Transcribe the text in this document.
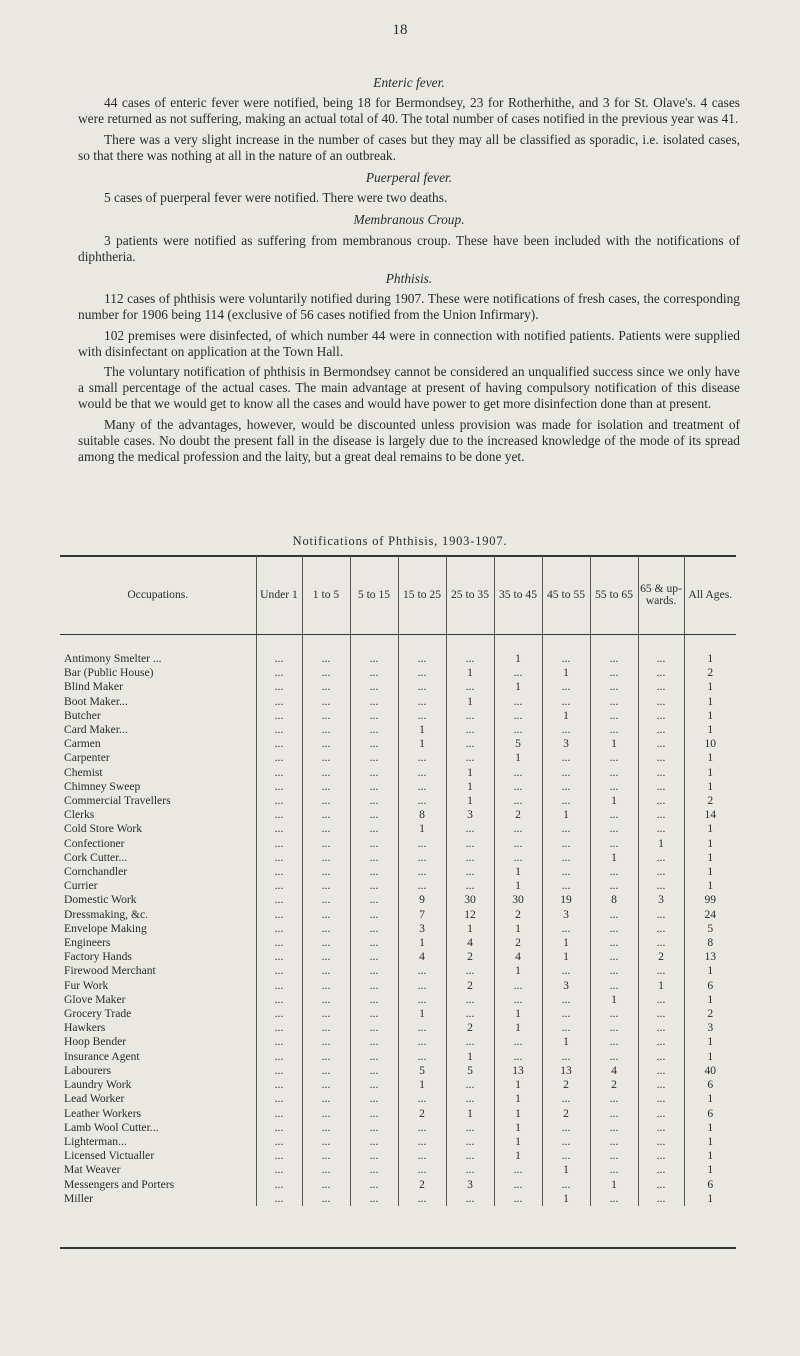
18
Enteric fever.
44 cases of enteric fever were notified, being 18 for Bermondsey, 23 for Rotherhithe, and 3 for St. Olave's. 4 cases were returned as not suffering, making an actual total of 40. The total number of cases notified in the previous year was 41.
There was a very slight increase in the number of cases but they may all be classified as sporadic, i.e. isolated cases, so that there was nothing at all in the nature of an outbreak.
Puerperal fever.
5 cases of puerperal fever were notified. There were two deaths.
Membranous Croup.
3 patients were notified as suffering from membranous croup. These have been included with the notifications of diphtheria.
Phthisis.
112 cases of phthisis were voluntarily notified during 1907. These were notifications of fresh cases, the corresponding number for 1906 being 114 (exclusive of 56 cases notified from the Union Infirmary).
102 premises were disinfected, of which number 44 were in connection with notified patients. Patients were supplied with disinfectant on application at the Town Hall.
The voluntary notification of phthisis in Bermondsey cannot be considered an unqualified success since we only have a small percentage of the actual cases. The main advantage at present of having compulsory notification of this disease would be that we would get to know all the cases and would have power to get more disinfection done than at present.
Many of the advantages, however, would be discounted unless provision was made for isolation and treatment of suitable cases. No doubt the present fall in the disease is largely due to the increased knowledge of the mode of its spread among the medical profession and the laity, but a great deal remains to be done yet.
Notifications of Phthisis, 1903-1907.
Occupations.	Under 1	1 to 5	5 to 15	15 to 25	25 to 35	35 to 45	45 to 55	55 to 65	65 & up-wards.	All Ages.

Antimony Smelter ...	...	...	...	...	...	1	...	...	...	1
Bar (Public House)	...	...	...	...	1	...	1	...	...	2
Blind Maker	...	...	...	...	...	1	...	...	...	1
Boot Maker...	...	...	...	...	1	...	...	...	...	1
Butcher	...	...	...	...	...	...	1	...	...	1
Card Maker...	...	...	...	1	...	...	...	...	...	1
Carmen	...	...	...	1	...	5	3	1	...	10
Carpenter	...	...	...	...	...	1	...	...	...	1
Chemist	...	...	...	...	1	...	...	...	...	1
Chimney Sweep	...	...	...	...	1	...	...	...	...	1
Commercial Travellers	...	...	...	...	1	...	...	1	...	2
Clerks	...	...	...	8	3	2	1	...	...	14
Cold Store Work	...	...	...	1	...	...	...	...	...	1
Confectioner	...	...	...	...	...	...	...	...	1	1
Cork Cutter...	...	...	...	...	...	...	...	1	...	1
Cornchandler	...	...	...	...	...	1	...	...	...	1
Currier	...	...	...	...	...	1	...	...	...	1
Domestic Work	...	...	...	9	30	30	19	8	3	99
Dressmaking, &c.	...	...	...	7	12	2	3	...	...	24
Envelope Making	...	...	...	3	1	1	...	...	...	5
Engineers	...	...	...	1	4	2	1	...	...	8
Factory Hands	...	...	...	4	2	4	1	...	2	13
Firewood Merchant	...	...	...	...	...	1	...	...	...	1
Fur Work	...	...	...	...	2	...	3	...	1	6
Glove Maker	...	...	...	...	...	...	...	1	...	1
Grocery Trade	...	...	...	1	...	1	...	...	...	2
Hawkers	...	...	...	...	2	1	...	...	...	3
Hoop Bender	...	...	...	...	...	...	1	...	...	1
Insurance Agent	...	...	...	...	1	...	...	...	...	1
Labourers	...	...	...	5	5	13	13	4	...	40
Laundry Work	...	...	...	1	...	1	2	2	...	6
Lead Worker	...	...	...	...	...	1	...	...	...	1
Leather Workers	...	...	...	2	1	1	2	...	...	6
Lamb Wool Cutter...	...	...	...	...	...	1	...	...	...	1
Lighterman...	...	...	...	...	...	1	...	...	...	1
Licensed Victualler	...	...	...	...	...	1	...	...	...	1
Mat Weaver	...	...	...	...	...	...	1	...	...	1
Messengers and Porters	...	...	...	2	3	...	...	1	...	6
Miller	...	...	...	...	...	...	1	...	...	1
